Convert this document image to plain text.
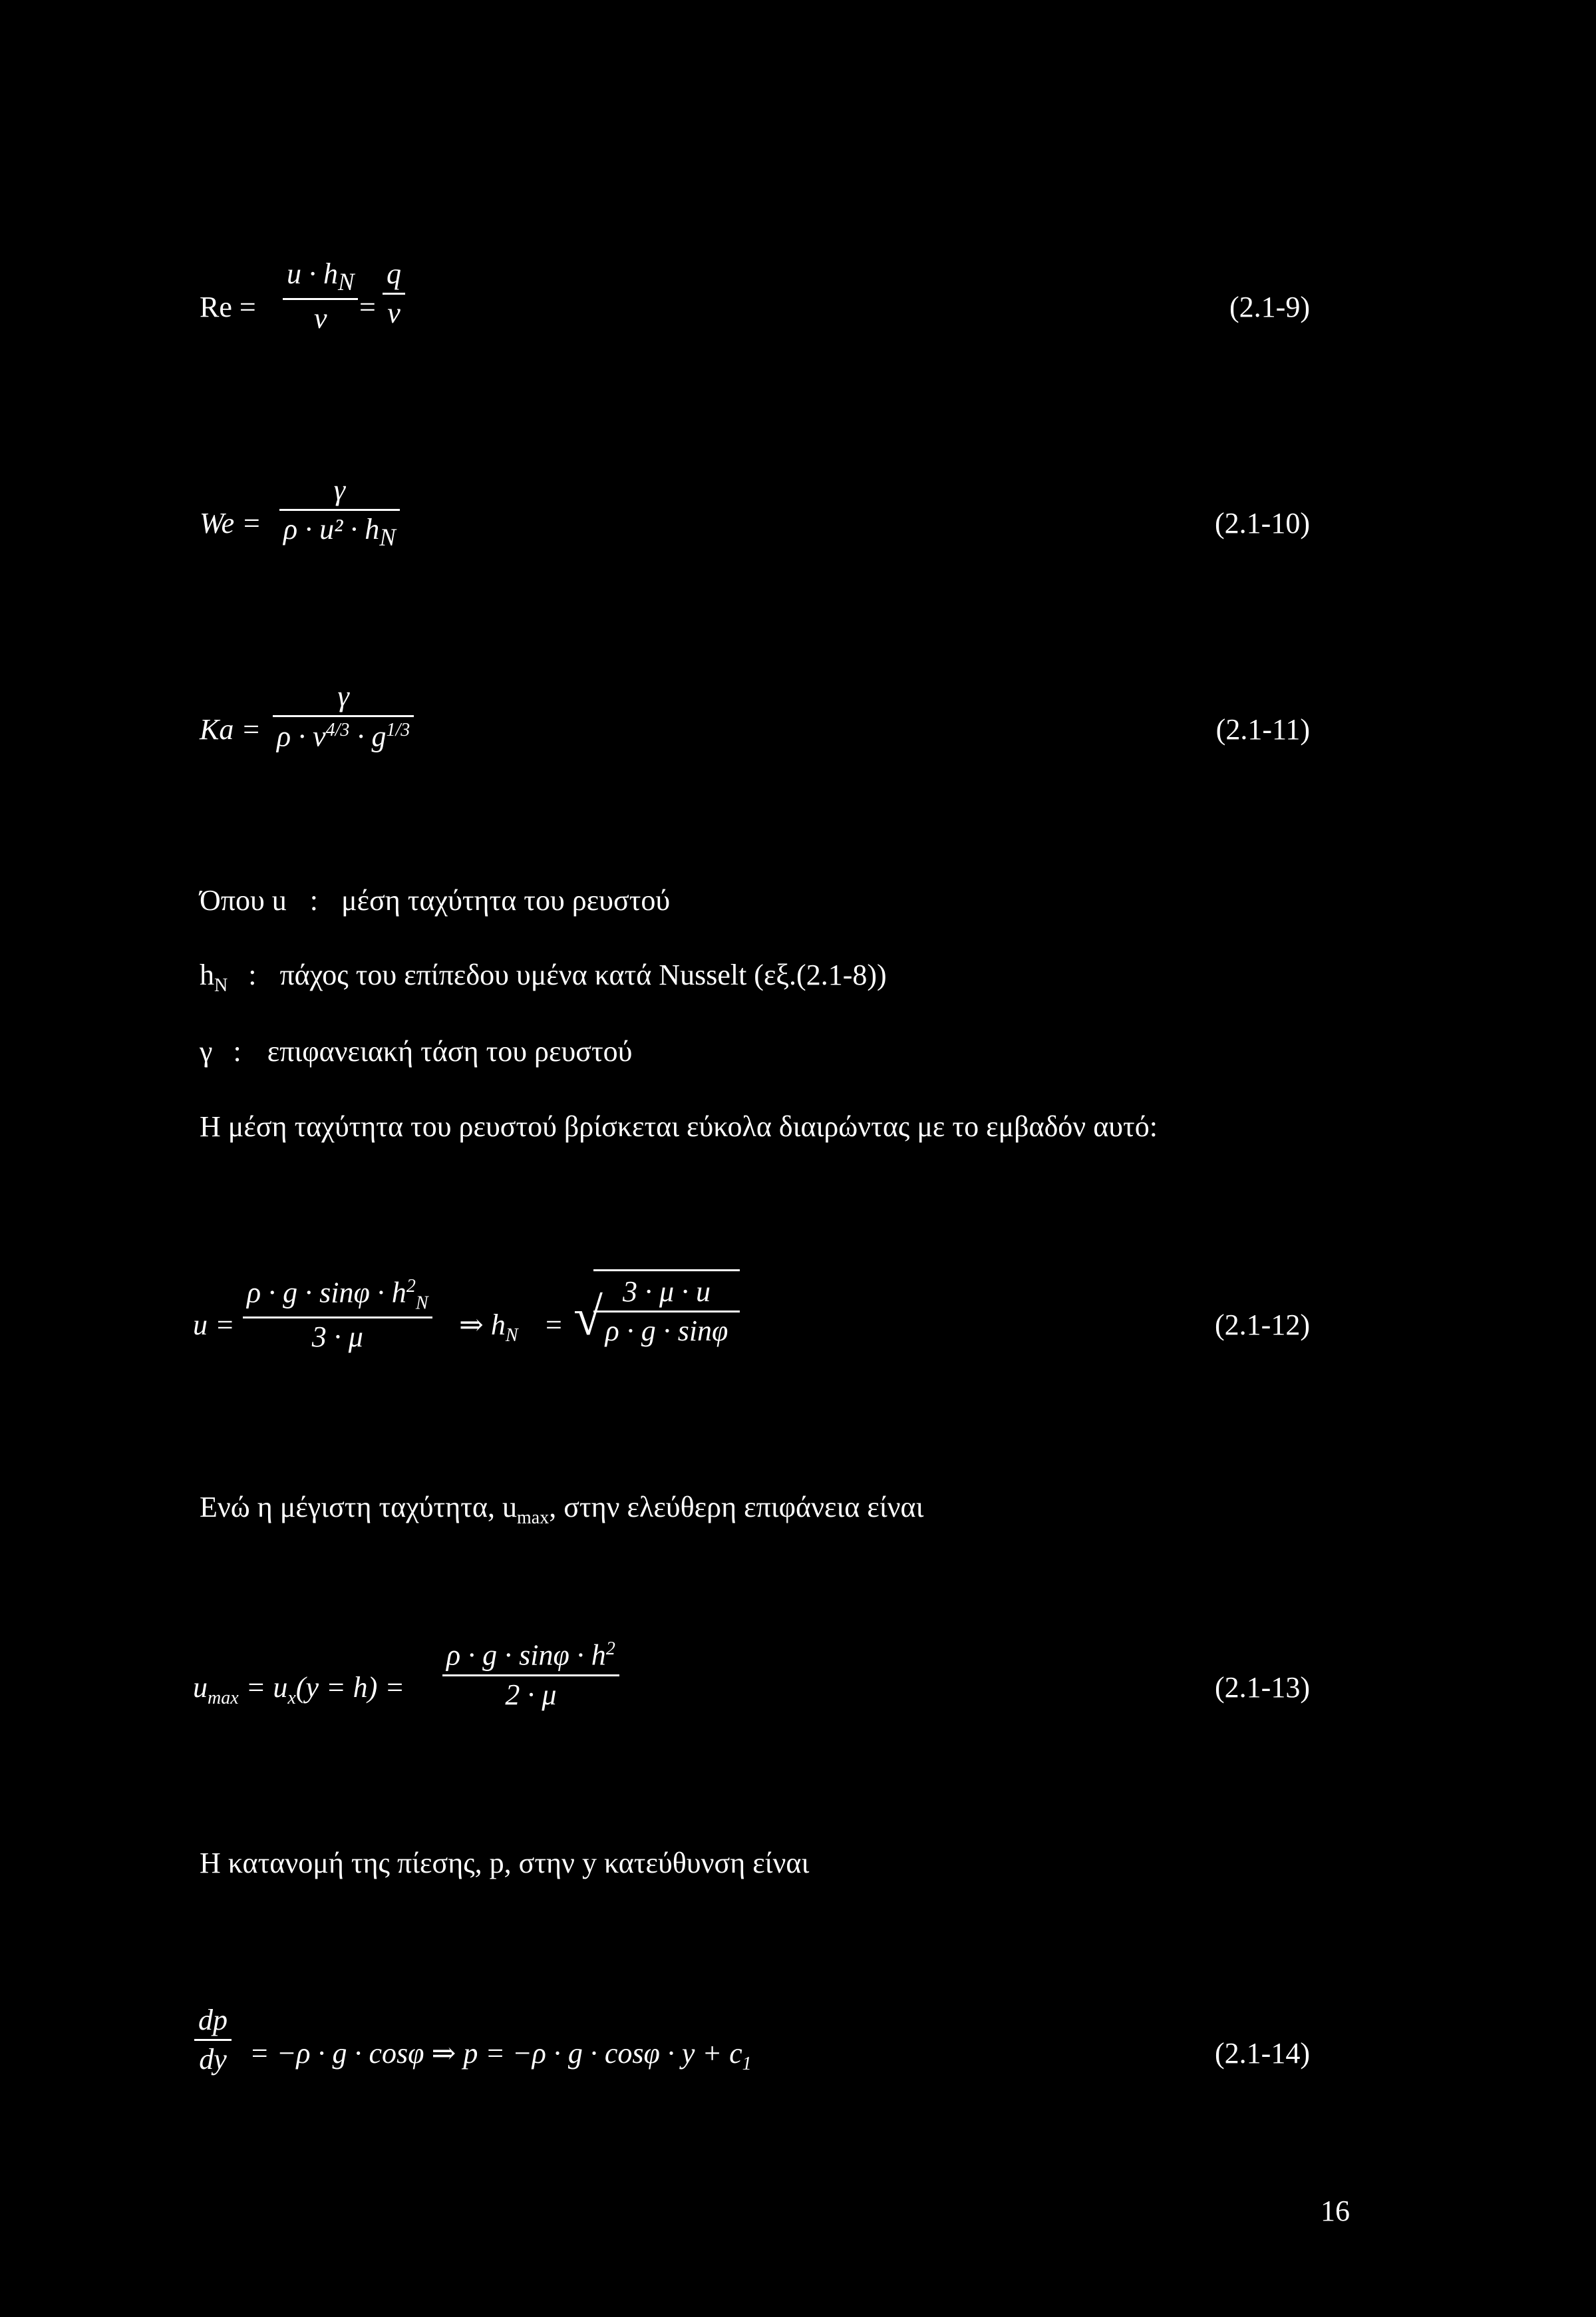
Re =
$u \cdot h_N$
ν	=
q
ν	(2.1-9)
We =
γ
$\rho \cdot u^2 \cdot h_N$	(2.1-10)
Ka =
γ
$\rho \cdot \nu^{4/3} \cdot g^{1/3}$	(2.1-11)
Όπου u : μέση ταχύτητα του ρευστού
$h_N$ : πάχος του επίπεδου υμένα κατά Nusselt (εξ.(2.1-8))
γ : επιφανειακή τάση του ρευστού
Η μέση ταχύτητα του ρευστού βρίσκεται εύκολα διαιρώντας με το εμβαδόν αυτό:
u =
$\rho \cdot g \cdot \sin\varphi \cdot h^2_N$
3 · μ	⇒ $h_N$ = √ 3 · μ · u
ρ · g · sinφ	(2.1-12)
Ενώ η μέγιστη ταχύτητα, $u_{max}$, στην ελεύθερη επιφάνεια είναι
$u_{max} = u_x(y = h)$ =
$\rho \cdot g \cdot \sin\varphi \cdot h^2$
2 · μ	(2.1-13)
Η κατανομή της πίεσης, p, στην y κατεύθυνση είναι
dp
dy = −ρ · g · cosφ ⇒ $p = -\rho \cdot g \cdot \cos\varphi \cdot y + c_1$	(2.1-14)
16
